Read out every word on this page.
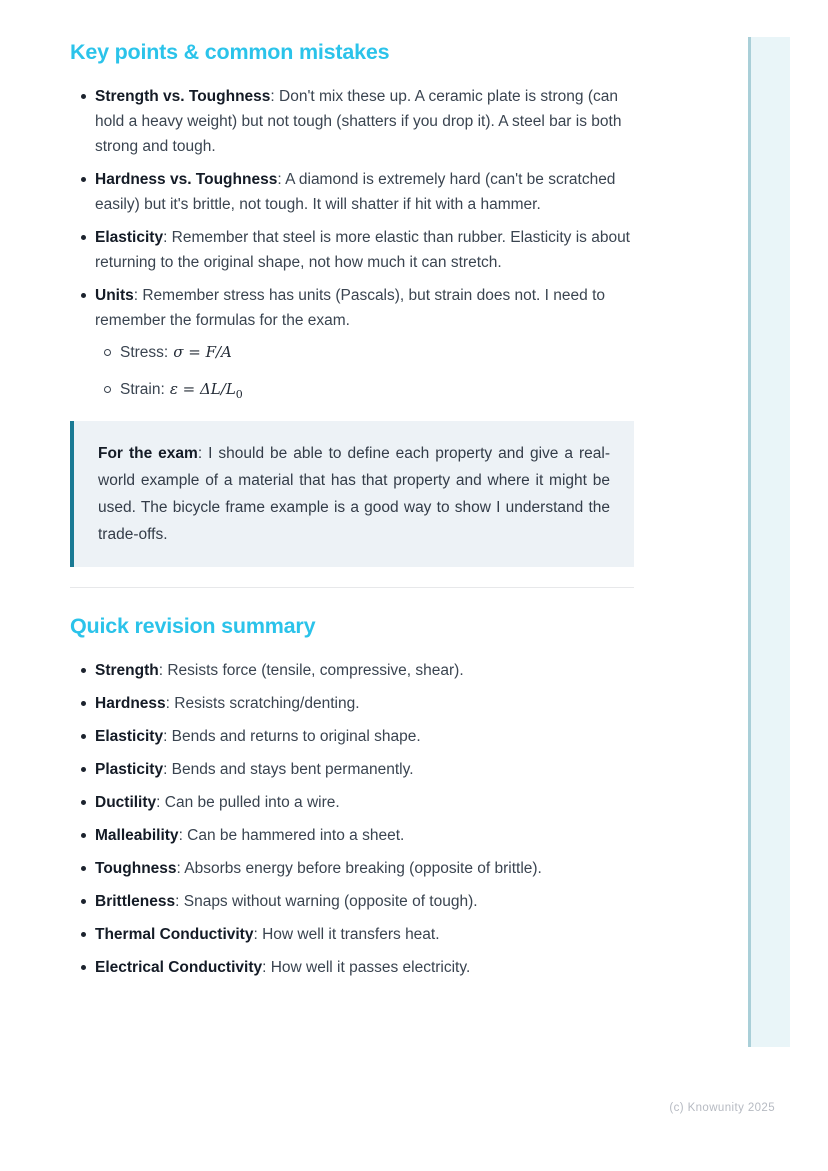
Key points & common mistakes
Strength vs. Toughness: Don't mix these up. A ceramic plate is strong (can hold a heavy weight) but not tough (shatters if you drop it). A steel bar is both strong and tough.
Hardness vs. Toughness: A diamond is extremely hard (can't be scratched easily) but it's brittle, not tough. It will shatter if hit with a hammer.
Elasticity: Remember that steel is more elastic than rubber. Elasticity is about returning to the original shape, not how much it can stretch.
Units: Remember stress has units (Pascals), but strain does not. I need to remember the formulas for the exam.
Stress: σ = F/A
Strain: $\varepsilon = \Delta L/L_0$

For the exam: I should be able to define each property and give a real-world example of a material that has that property and where it might be used. The bicycle frame example is a good way to show I understand the trade-offs.

Quick revision summary
Strength: Resists force (tensile, compressive, shear).
Hardness: Resists scratching/denting.
Elasticity: Bends and returns to original shape.
Plasticity: Bends and stays bent permanently.
Ductility: Can be pulled into a wire.
Malleability: Can be hammered into a sheet.
Toughness: Absorbs energy before breaking (opposite of brittle).
Brittleness: Snaps without warning (opposite of tough).
Thermal Conductivity: How well it transfers heat.
Electrical Conductivity: How well it passes electricity.
(c) Knowunity 2025
